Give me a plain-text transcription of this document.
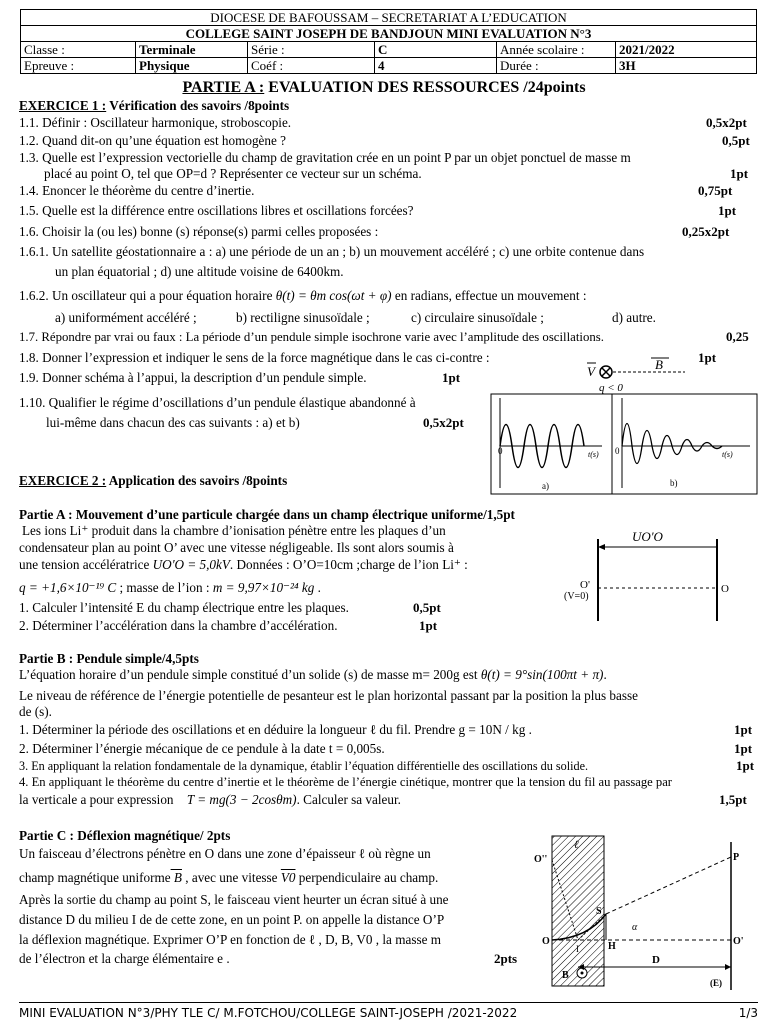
DIOCESE DE BAFOUSSAM – SECRETARIAT A L’EDUCATION					
COLLEGE SAINT JOSEPH DE BANDJOUN MINI EVALUATION N°3					
Classe :	Terminale	Série :	C	Année scolaire :	2021/2022
Epreuve :	Physique	Coéf :	4	Durée :	3H
PARTIE A : EVALUATION DES RESSOURCES /24points
EXERCICE 1 : Vérification des savoirs /8points
1.1. Définir : Oscillateur harmonique, stroboscopie.	0,5x2pt
1.2. Quand dit-on qu’une équation est homogène ?	0,5pt
1.3. Quelle est l’expression vectorielle du champ de gravitation crée en un point P par un objet ponctuel de masse m
placé au point O, tel que OP=d ? Représenter ce vecteur sur un schéma.	1pt
1.4. Enoncer le théorème du centre d’inertie.	0,75pt
1.5. Quelle est la différence entre oscillations libres et oscillations forcées?	1pt
1.6. Choisir la (ou les) bonne (s) réponse(s) parmi celles proposées :	0,25x2pt
1.6.1. Un satellite géostationnaire a : a) une période de un an ; b) un mouvement accéléré ; c) une orbite contenue dans
un plan équatorial ; d) une altitude voisine de 6400km.
1.6.2. Un oscillateur qui a pour équation horaire θ(t) = θm cos(ωt + φ) en radians, effectue un mouvement :
a) uniformément accéléré ;	b) rectiligne sinusoïdale ;	c) circulaire sinusoïdale ;	d) autre.
1.7. Répondre par vrai ou faux : La période d’un pendule simple isochrone varie avec l’amplitude des oscillations.	0,25
1.8. Donner l’expression et indiquer le sens de la force magnétique dans le cas ci-contre :	1pt
1.9. Donner schéma à l’appui, la description d’un pendule simple.	1pt	V	B
q < 0
1.10. Qualifier le régime d’oscillations d’un pendule élastique abandonné à
lui-même dans chacun des cas suivants : a) et b)	0,5x2pt
0	t(s)
a)
0	t(s)
b)
EXERCICE 2 : Application des savoirs /8points
Partie A : Mouvement d’une particule chargée dans un champ électrique uniforme/1,5pt
Les ions Li⁺ produit dans la chambre d’ionisation pénètre entre les plaques d’un
condensateur plan au point O’ avec une vitesse négligeable. Ils sont alors soumis à
une tension accélératrice UO'O = 5,0kV. Données : O’O=10cm ;charge de l’ion Li⁺ :
q = +1,6×10⁻¹⁹ C ; masse de l’ion : m = 9,97×10⁻²⁴ kg .
1. Calculer l’intensité E du champ électrique entre les plaques.	0,5pt
2. Déterminer l’accélération dans la chambre d’accélération.	1pt
UO'O
O'
(V=0)
O
Partie B : Pendule simple/4,5pts
L’équation horaire d’un pendule simple constitué d’un solide (s) de masse m= 200g est θ(t) = 9°sin(100πt + π).
Le niveau de référence de l’énergie potentielle de pesanteur est le plan horizontal passant par la position la plus basse
de (s).
1. Déterminer la période des oscillations et en déduire la longueur ℓ du fil. Prendre g = 10N / kg .	1pt
2. Déterminer l’énergie mécanique de ce pendule à la date t = 0,005s.	1pt
3. En appliquant la relation fondamentale de la dynamique, établir l’équation différentielle des oscillations du solide.	1pt
4. En appliquant le théorème du centre d’inertie et le théorème de l’énergie cinétique, montrer que la tension du fil au passage par
la verticale a pour expression T = mg(3 − 2cosθm). Calculer sa valeur.	1,5pt
Partie C : Déflexion magnétique/ 2pts
Un faisceau d’électrons pénètre en O dans une zone d’épaisseur ℓ où règne un
champ magnétique uniforme B , avec une vitesse V0 perpendiculaire au champ.
Après la sortie du champ au point S, le faisceau vient heurter un écran situé à une
distance D du milieu I de de cette zone, en un point P. on appelle la distance O’P
la déflexion magnétique. Exprimer O’P en fonction de ℓ , D, B, V0 , la masse m
de l’électron et la charge élémentaire e .	2pts
O''
ℓ
P
S
O
I	H
α
O'
B
D
(E)
MINI EVALUATION N°3/PHY TLE C/ M.FOTCHOU/COLLEGE SAINT-JOSEPH /2021-2022	1/3
